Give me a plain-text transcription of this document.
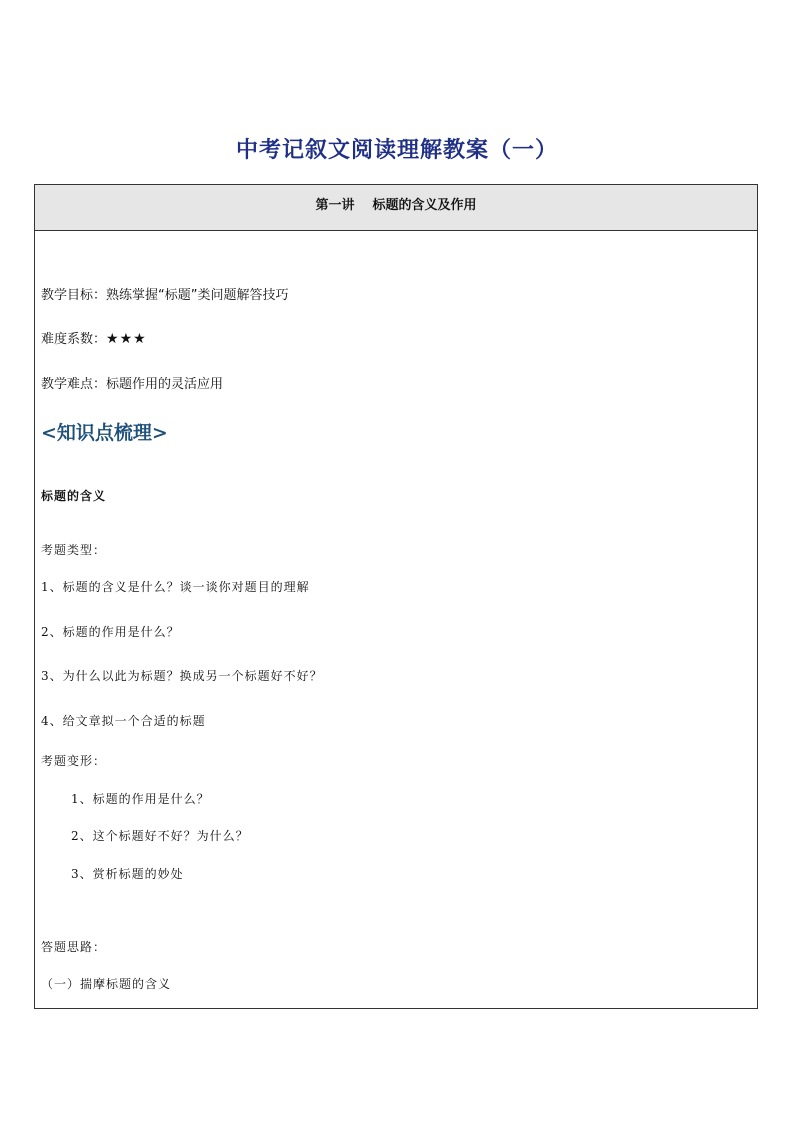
中考记叙文阅读理解教案（一）
第一讲    标题的含义及作用
教学目标：熟练掌握“标题”类问题解答技巧
难度系数：★★★
教学难点：标题作用的灵活应用
<知识点梳理>
标题的含义
考题类型：
1、标题的含义是什么？谈一谈你对题目的理解
2、标题的作用是什么？
3、为什么以此为标题？换成另一个标题好不好？
4、给文章拟一个合适的标题
考题变形：
1、标题的作用是什么？
2、这个标题好不好？为什么？
3、赏析标题的妙处
答题思路：
（一）揣摩标题的含义
